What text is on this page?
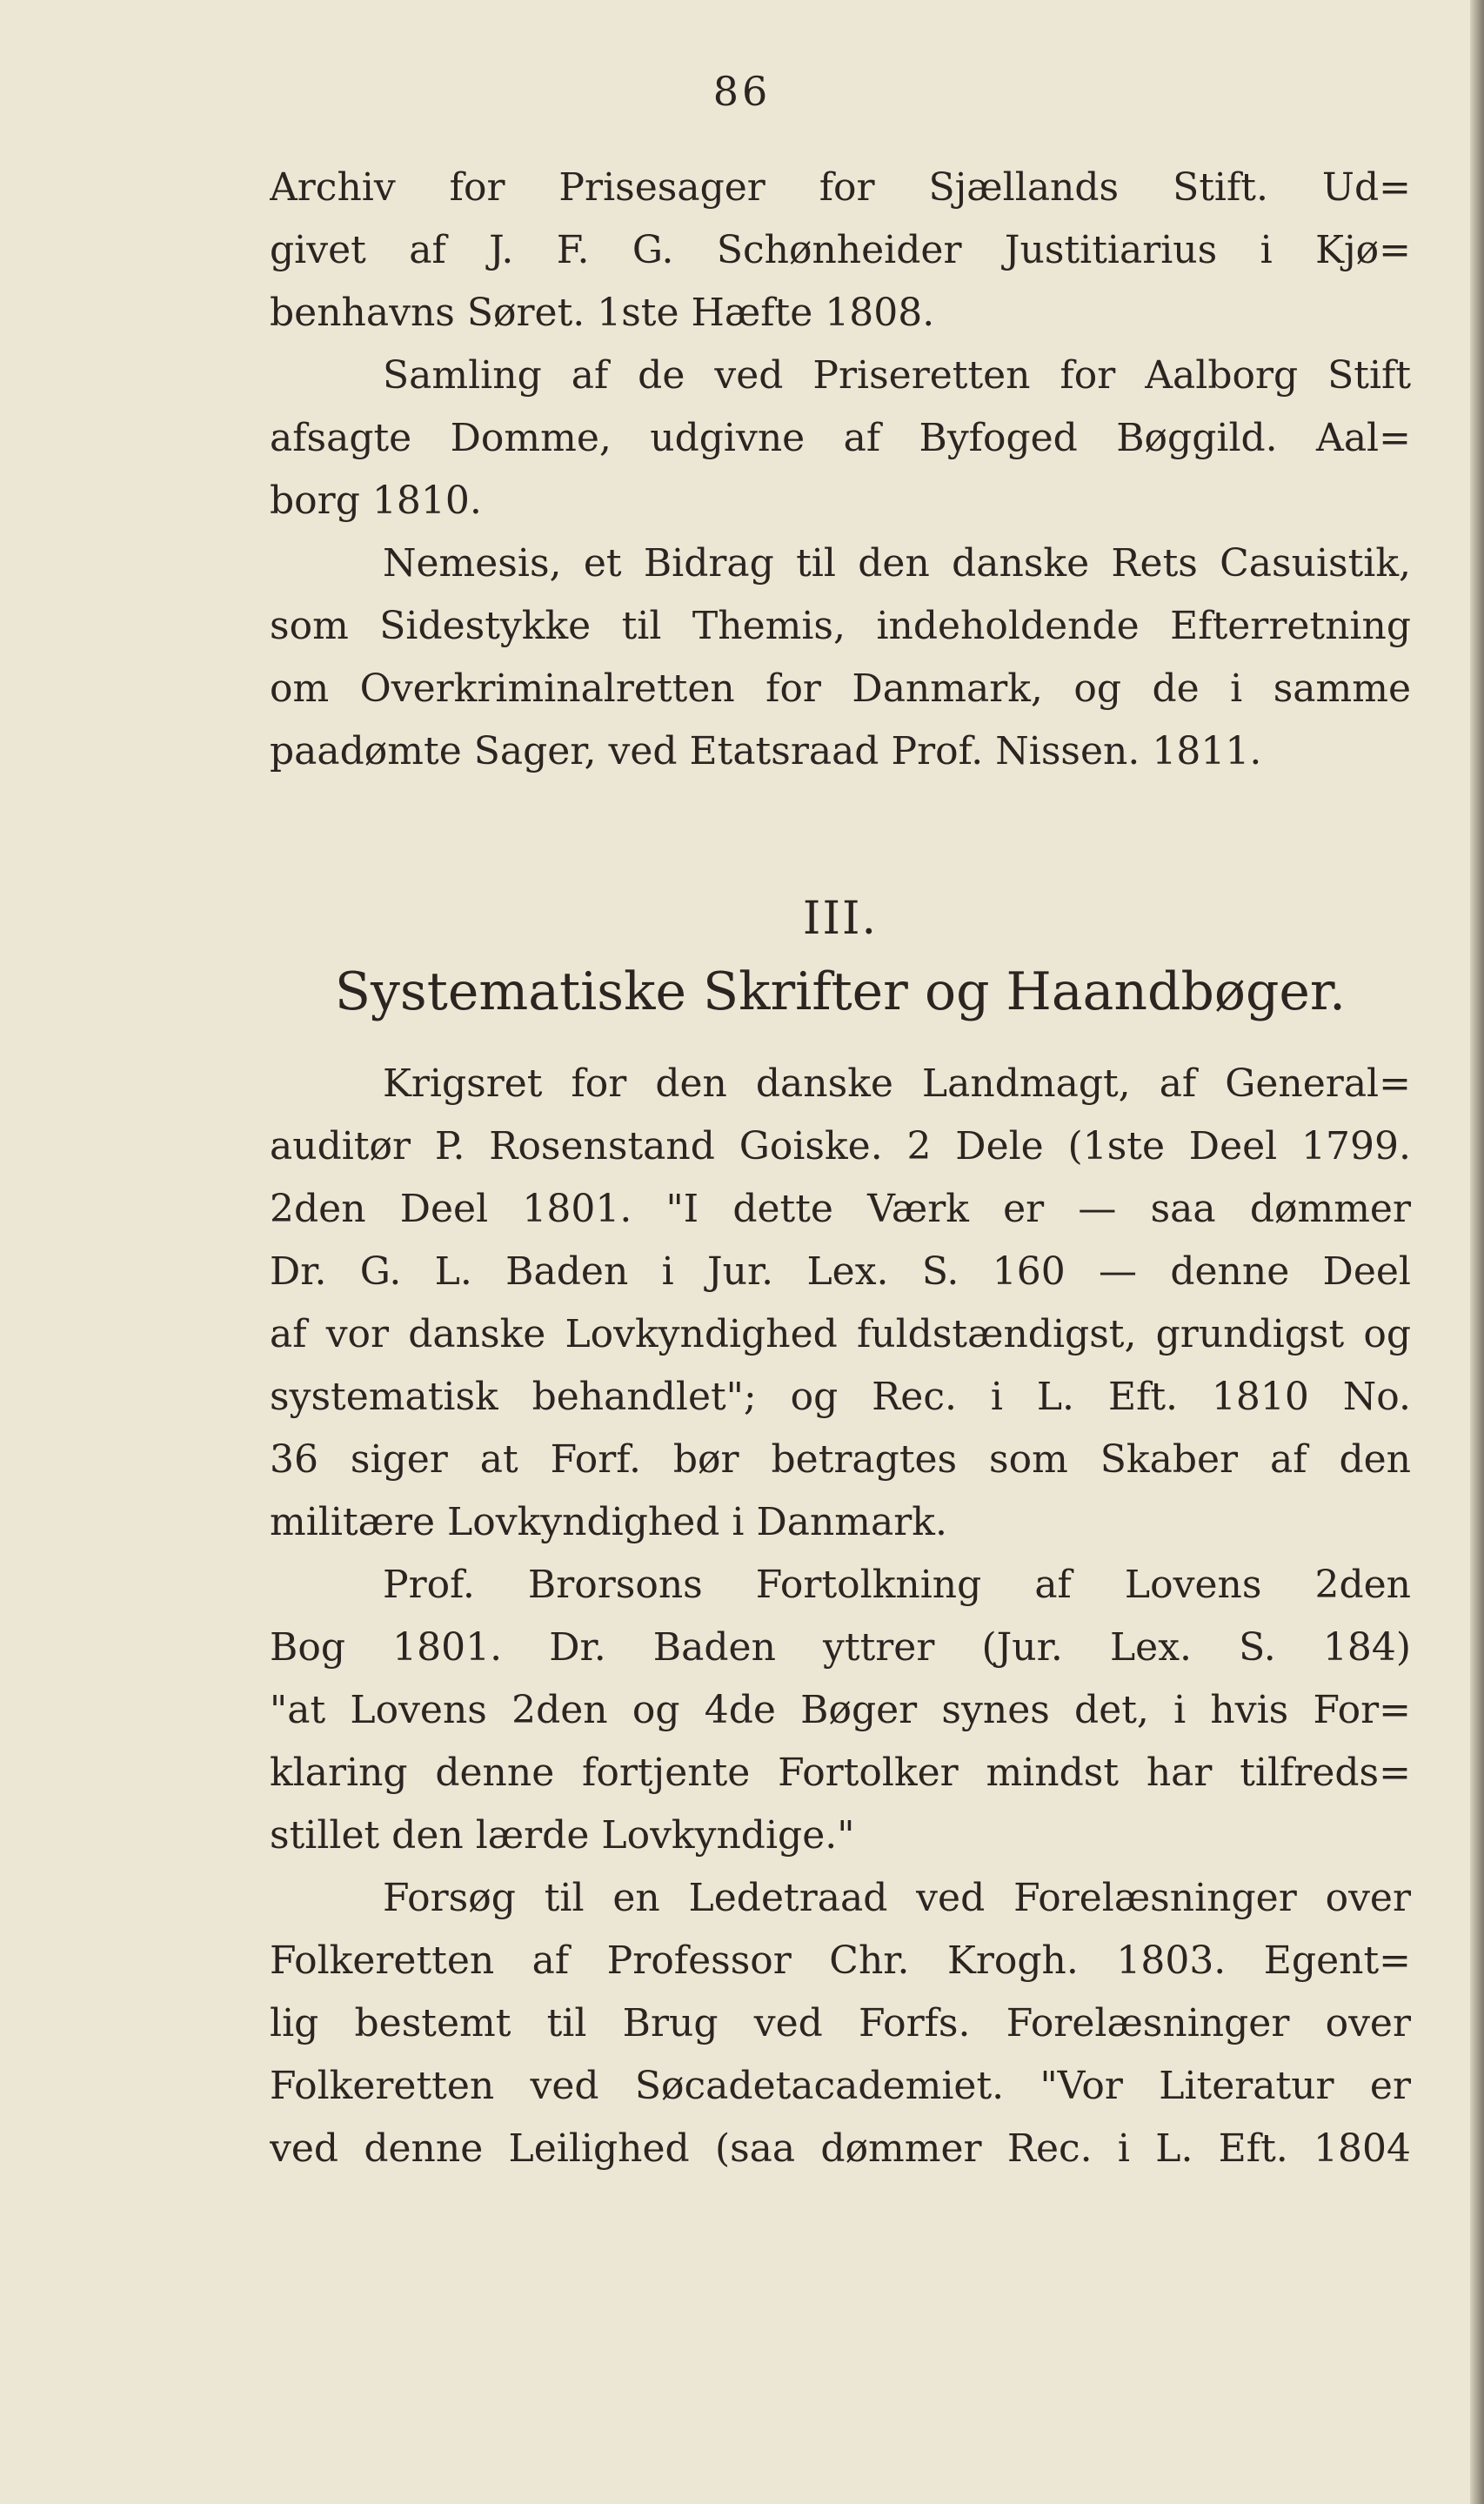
86
Archiv for Prisesager for Sjællands Stift. Ud=
givet af J. F. G. Schønheider Justitiarius i Kjø=
benhavns Søret. 1ste Hæfte 1808.
Samling af de ved Priseretten for Aalborg Stift
afsagte Domme, udgivne af Byfoged Bøggild. Aal=
borg 1810.
Nemesis, et Bidrag til den danske Rets Casuistik,
som Sidestykke til Themis, indeholdende Efterretning
om Overkriminalretten for Danmark, og de i samme
paadømte Sager, ved Etatsraad Prof. Nissen. 1811.
III.
Systematiske Skrifter og Haandbøger.
Krigsret for den danske Landmagt, af General=
auditør P. Rosenstand Goiske. 2 Dele (1ste Deel 1799.
2den Deel 1801. "I dette Værk er — saa dømmer
Dr. G. L. Baden i Jur. Lex. S. 160 — denne Deel
af vor danske Lovkyndighed fuldstændigst, grundigst og
systematisk behandlet"; og Rec. i L. Eft. 1810 No.
36 siger at Forf. bør betragtes som Skaber af den
militære Lovkyndighed i Danmark.
Prof. Brorsons Fortolkning af Lovens 2den
Bog 1801. Dr. Baden yttrer (Jur. Lex. S. 184)
"at Lovens 2den og 4de Bøger synes det, i hvis For=
klaring denne fortjente Fortolker mindst har tilfreds=
stillet den lærde Lovkyndige."
Forsøg til en Ledetraad ved Forelæsninger over
Folkeretten af Professor Chr. Krogh. 1803. Egent=
lig bestemt til Brug ved Forfs. Forelæsninger over
Folkeretten ved Søcadetacademiet. "Vor Literatur er
ved denne Leilighed (saa dømmer Rec. i L. Eft. 1804
